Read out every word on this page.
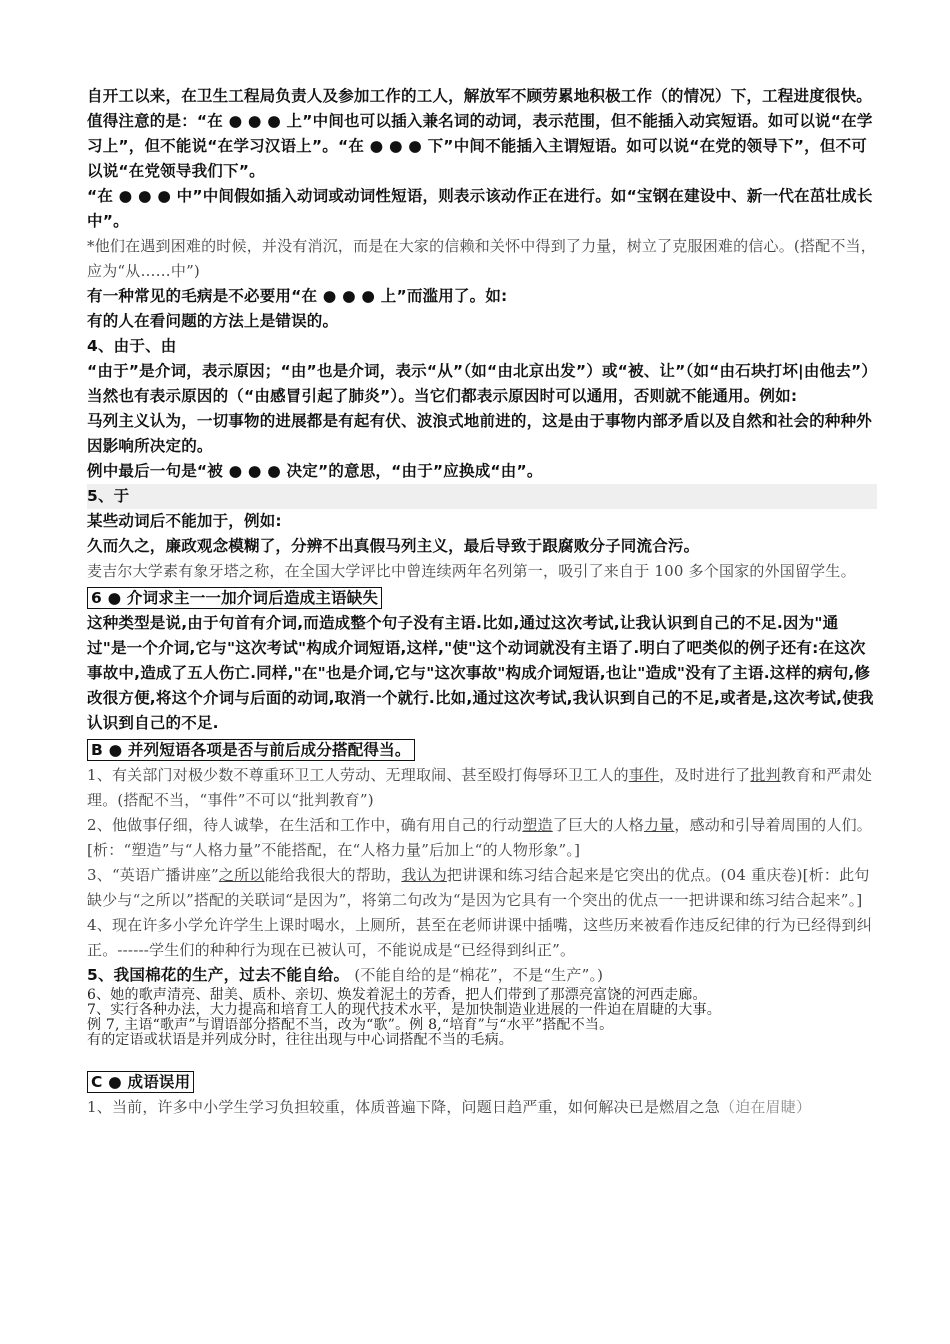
自开工以来，在卫生工程局负责人及参加工作的工人，解放军不顾劳累地积极工作（的情况）下，工程进度很快。

值得注意的是：“在 ● ● ● 上”中间也可以插入兼名词的动词，表示范围，但不能插入动宾短语。如可以说“在学习上”，但不能说“在学习汉语上”。“在 ● ● ● 下”中间不能插入主谓短语。如可以说“在党的领导下”，但不可以说“在党领导我们下”。

“在 ● ● ● 中”中间假如插入动词或动词性短语，则表示该动作正在进行。如“宝钢在建设中、新一代在茁壮成长中”。

*他们在遇到困难的时候，并没有消沉，而是在大家的信赖和关怀中得到了力量，树立了克服困难的信心。(搭配不当，应为“从……中”)

有一种常见的毛病是不必要用“在 ● ● ● 上”而滥用了。如:

有的人在看问题的方法上是错误的。

4、由于、由

“由于”是介词，表示原因；“由”也是介词，表示“从”（如“由北京出发”）或“被、让”（如“由石块打坏|由他去”）当然也有表示原因的（“由感冒引起了肺炎”）。当它们都表示原因时可以通用，否则就不能通用。例如:

马列主义认为，一切事物的进展都是有起有伏、波浪式地前进的，这是由于事物内部矛盾以及自然和社会的种种外因影响所决定的。

例中最后一句是“被 ● ● ● 决定”的意思，“由于”应换成“由”。

5、于

某些动词后不能加于，例如:

久而久之，廉政观念模糊了，分辨不出真假马列主义，最后导致于跟腐败分子同流合污。

麦吉尔大学素有象牙塔之称，在全国大学评比中曾连续两年名列第一，吸引了来自于 100 多个国家的外国留学生。

6 ● 介词求主一一加介词后造成主语缺失

这种类型是说,由于句首有介词,而造成整个句子没有主语.比如,通过这次考试,让我认识到自己的不足.因为"通过"是一个介词,它与"这次考试"构成介词短语,这样,"使"这个动词就没有主语了.明白了吧类似的例子还有:在这次事故中,造成了五人伤亡.同样,"在"也是介词,它与"这次事故"构成介词短语,也让"造成"没有了主语.这样的病句,修改很方便,将这个介词与后面的动词,取消一个就行.比如,通过这次考试,我认识到自己的不足,或者是,这次考试,使我认识到自己的不足.

B ● 并列短语各项是否与前后成分搭配得当。

1、有关部门对极少数不尊重环卫工人劳动、无理取闹、甚至殴打侮辱环卫工人的事件，及时进行了批判教育和严肃处理。(搭配不当，“事件”不可以“批判教育”)

2、他做事仔细，待人诚挚，在生活和工作中，确有用自己的行动塑造了巨大的人格力量，感动和引导着周围的人们。[析：“塑造”与“人格力量”不能搭配，在“人格力量”后加上“的人物形象”。]

3、“英语广播讲座”之所以能给我很大的帮助，我认为把讲课和练习结合起来是它突出的优点。(04 重庆卷)[析：此句缺少与“之所以”搭配的关联词“是因为”，将第二句改为“是因为它具有一个突出的优点一一把讲课和练习结合起来”。]

4、现在许多小学允许学生上课时喝水，上厕所，甚至在老师讲课中插嘴，这些历来被看作违反纪律的行为已经得到纠正。------学生们的种种行为现在已被认可，不能说成是“已经得到纠正”。

5、我国棉花的生产，过去不能自给。 (不能自给的是“棉花”，不是“生产”。)

6、她的歌声清亮、甜美、质朴、亲切、焕发着泥土的芳香，把人们带到了那漂亮富饶的河西走廊。

7、实行各种办法，大力提高和培育工人的现代技术水平，是加快制造业进展的一件迫在眉睫的大事。

例 7, 主语“歌声”与谓语部分搭配不当，改为“歌”。例 8,“培育”与“水平”搭配不当。

有的定语或状语是并列成分时，往往出现与中心词搭配不当的毛病。

C ● 成语误用

1、当前，许多中小学生学习负担较重，体质普遍下降，问题日趋严重，如何解决已是燃眉之急（迫在眉睫）
